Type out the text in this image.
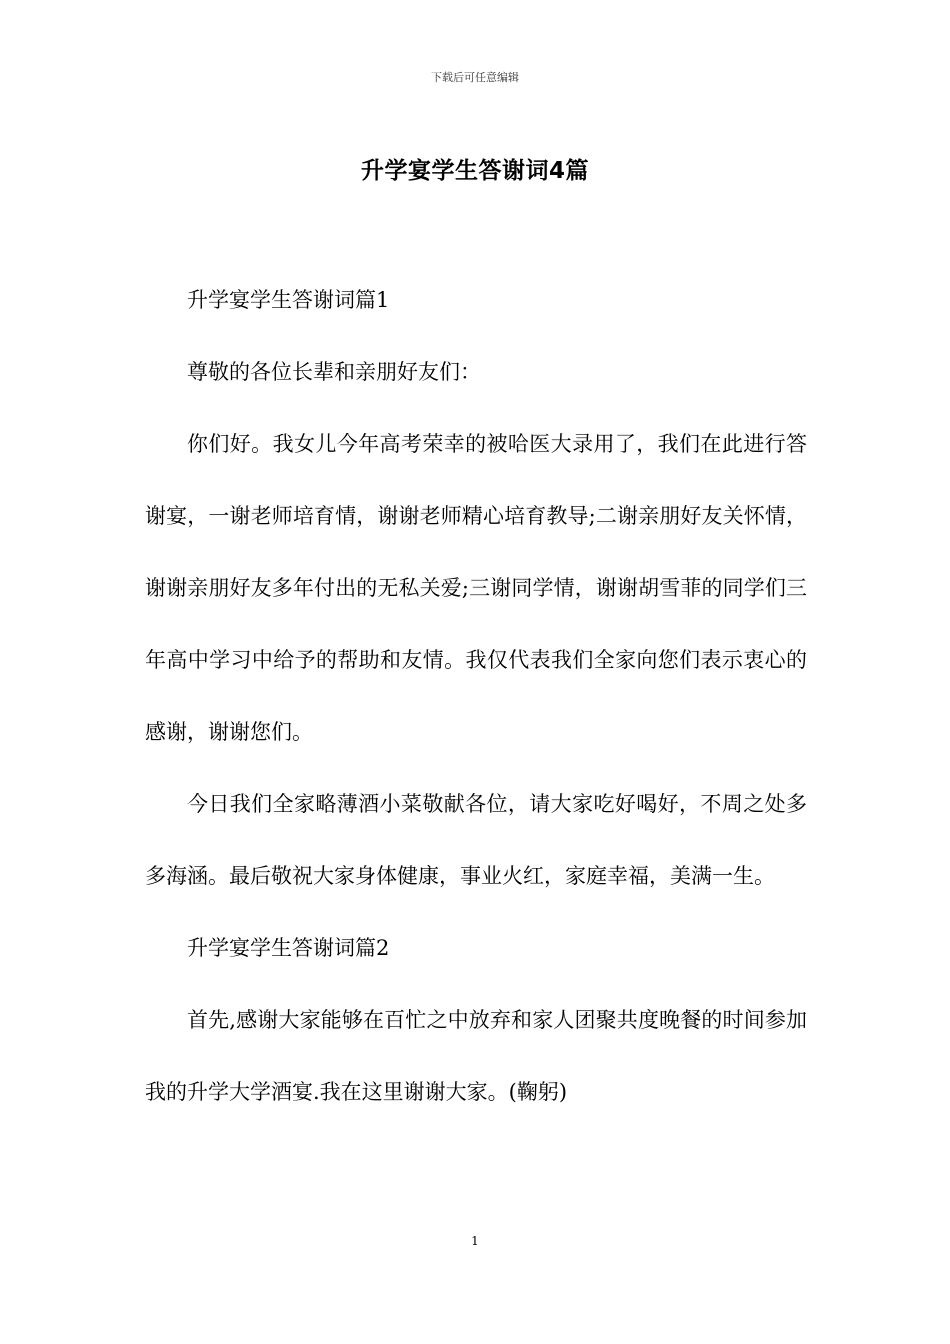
下载后可任意编辑
升学宴学生答谢词4篇

升学宴学生答谢词篇1

尊敬的各位长辈和亲朋好友们：

你们好。我女儿今年高考荣幸的被哈医大录用了，我们在此进行答谢宴，一谢老师培育情，谢谢老师精心培育教导;二谢亲朋好友关怀情，谢谢亲朋好友多年付出的无私关爱;三谢同学情，谢谢胡雪菲的同学们三年高中学习中给予的帮助和友情。我仅代表我们全家向您们表示衷心的感谢，谢谢您们。

今日我们全家略薄酒小菜敬献各位，请大家吃好喝好，不周之处多多海涵。最后敬祝大家身体健康，事业火红，家庭幸福，美满一生。

升学宴学生答谢词篇2

首先,感谢大家能够在百忙之中放弃和家人团聚共度晚餐的时间参加我的升学大学酒宴.我在这里谢谢大家。(鞠躬)

1
